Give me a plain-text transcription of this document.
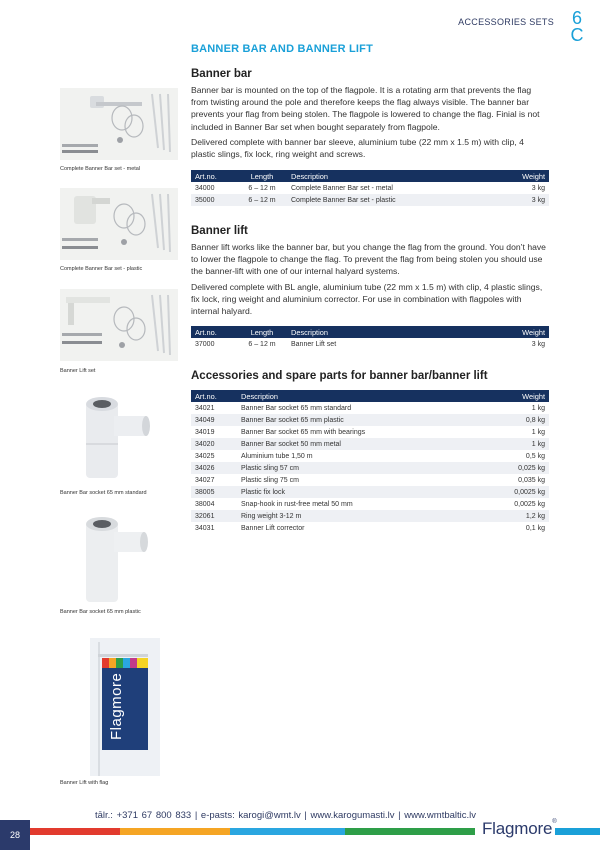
ACCESSORIES SETS 6
C
BANNER BAR AND BANNER LIFT
Complete Banner Bar set - metal
Complete Banner Bar set - plastic
Banner Lift set
Banner Bar socket 65 mm standard
Banner Bar socket 65 mm plastic
Flagmore
Banner Lift with flag
Banner bar

Banner bar is mounted on the top of the flagpole. It is a rotating arm that prevents the flag from twisting around the pole and therefore keeps the flag always visible. The banner bar prevents your flag from being stolen. The flagpole is lowered to change the flag. Finial is not included in Banner Bar set when bought separately from flagpole.

Delivered complete with banner bar sleeve, aluminium tube (22 mm x 1.5 m) with clip, 4 plastic slings, fix lock, ring weight and screws.

Art.no.	Length	Description	Weight
34000	6 – 12 m	Complete Banner Bar set - metal	3 kg
35000	6 – 12 m	Complete Banner Bar set - plastic	3 kg
Banner lift

Banner lift works like the banner bar, but you change the flag from the ground. You don’t have to lower the flagpole to change the flag. To prevent the flag from being stolen you should use the banner-lift with one of our internal halyard systems.

Delivered complete with BL angle, aluminium tube (22 mm x 1.5 m) with clip, 4 plastic slings, fix lock, ring weight and aluminium corrector. For use in combination with flagpoles with internal halyard.

Art.no.	Length	Description	Weight
37000	6 – 12 m	Banner Lift set	3 kg
Accessories and spare parts for banner bar/banner lift
Art.no.	Description	Weight
34021	Banner Bar socket 65 mm standard	1 kg
34049	Banner Bar socket 65 mm plastic	0,8 kg
34019	Banner Bar socket 65 mm with bearings	1 kg
34020	Banner Bar socket 50 mm metal	1 kg
34025	Aluminium tube 1,50 m	0,5 kg
34026	Plastic sling 57 cm	0,025 kg
34027	Plastic sling 75 cm	0,035 kg
38005	Plastic fix lock	0,0025 kg
38004	Snap-hook in rust-free metal 50 mm	0,0025 kg
32061	Ring weight 3-12 m	1,2 kg
34031	Banner Lift corrector	0,1 kg
tālr.: +371 67 800 833 | e-pasts: karogi@wmt.lv | www.karogumasti.lv | www.wmtbaltic.lv
28	Flagmore®
